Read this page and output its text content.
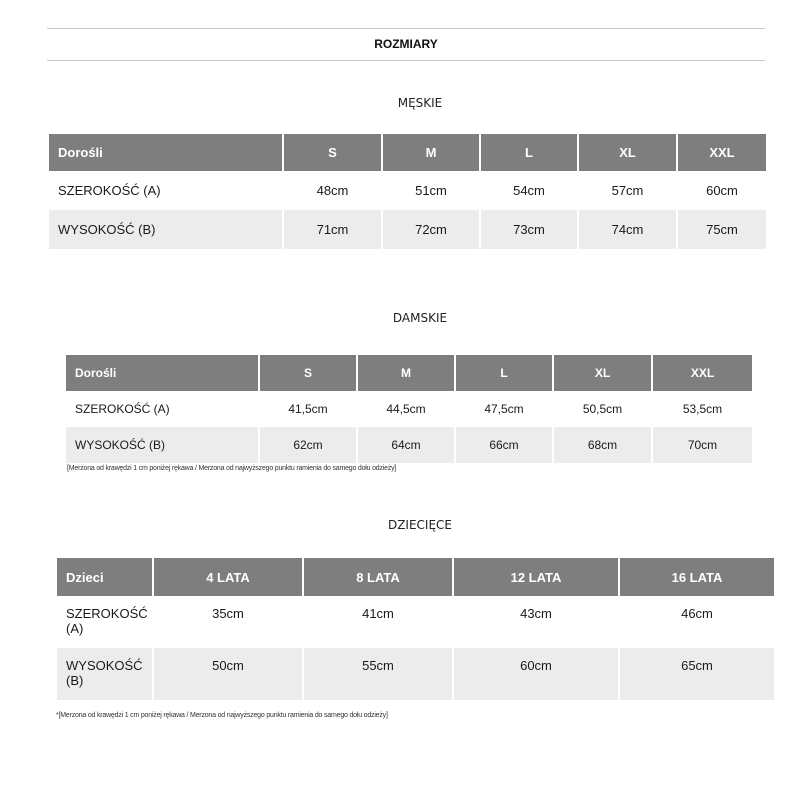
ROZMIARY
MĘSKIE
Dorośli	S	M	L	XL	XXL
SZEROKOŚĆ (A)	48cm	51cm	54cm	57cm	60cm
WYSOKOŚĆ (B)	71cm	72cm	73cm	74cm	75cm
DAMSKIE
Dorośli	S	M	L	XL	XXL
SZEROKOŚĆ (A)	41,5cm	44,5cm	47,5cm	50,5cm	53,5cm
WYSOKOŚĆ (B)	62cm	64cm	66cm	68cm	70cm
[Merzona od krawędzi 1 cm poniżej rękawa / Merzona od najwyższego punktu ramienia do samego dołu odzieży]
DZIECIĘCE
Dzieci	4 LATA	8 LATA	12 LATA	16 LATA
SZEROKOŚĆ (A)	35cm	41cm	43cm	46cm
WYSOKOŚĆ (B)	50cm	55cm	60cm	65cm
*[Merzona od krawędzi 1 cm poniżej rękawa / Merzona od najwyższego punktu ramienia do samego dołu odzieży]
